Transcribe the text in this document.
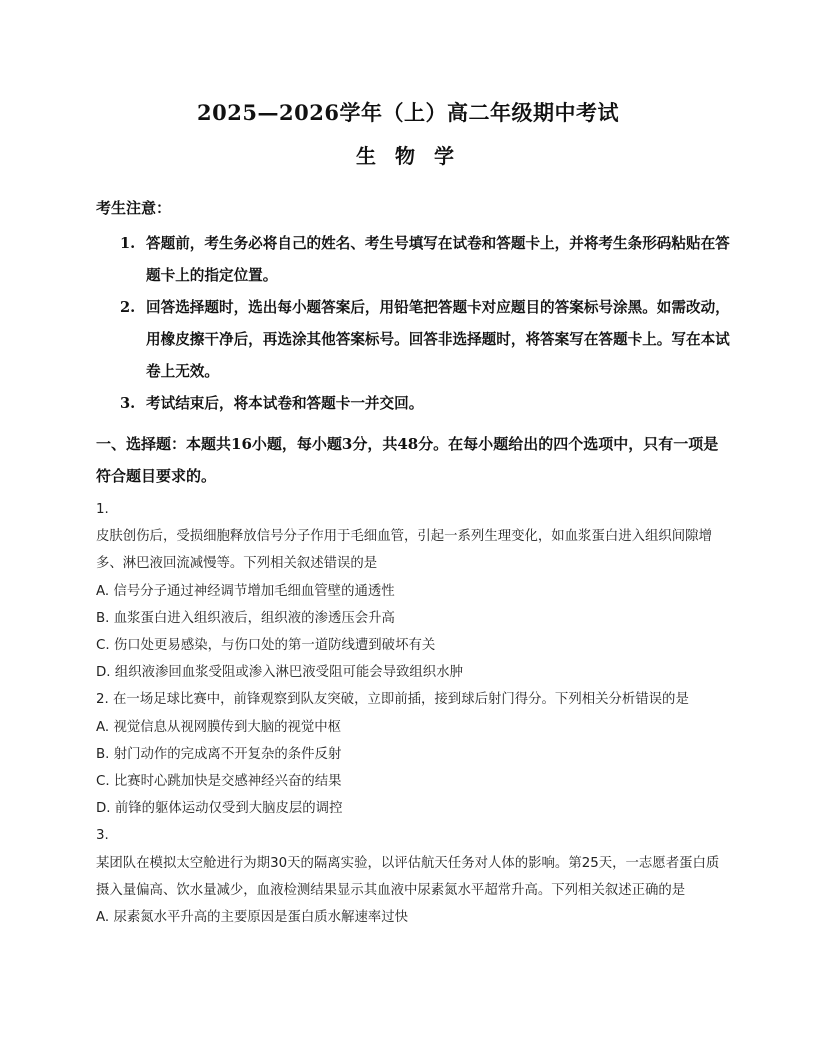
2025—2026学年（上）高二年级期中考试
生 物 学
考生注意：
1. 答题前，考生务必将自己的姓名、考生号填写在试卷和答题卡上，并将考生条形码粘贴在答题卡上的指定位置。
2. 回答选择题时，选出每小题答案后，用铅笔把答题卡对应题目的答案标号涂黑。如需改动，用橡皮擦干净后，再选涂其他答案标号。回答非选择题时，将答案写在答题卡上。写在本试卷上无效。
3. 考试结束后，将本试卷和答题卡一并交回。
一、选择题：本题共16小题，每小题3分，共48分。在每小题给出的四个选项中，只有一项是符合题目要求的。
1.
皮肤创伤后，受损细胞释放信号分子作用于毛细血管，引起一系列生理变化，如血浆蛋白进入组织间隙增多、淋巴液回流减慢等。下列相关叙述错误的是
A. 信号分子通过神经调节增加毛细血管壁的通透性
B. 血浆蛋白进入组织液后，组织液的渗透压会升高
C. 伤口处更易感染，与伤口处的第一道防线遭到破坏有关
D. 组织液渗回血浆受阻或渗入淋巴液受阻可能会导致组织水肿
2. 在一场足球比赛中，前锋观察到队友突破，立即前插，接到球后射门得分。下列相关分析错误的是
A. 视觉信息从视网膜传到大脑的视觉中枢
B. 射门动作的完成离不开复杂的条件反射
C. 比赛时心跳加快是交感神经兴奋的结果
D. 前锋的躯体运动仅受到大脑皮层的调控
3.
某团队在模拟太空舱进行为期30天的隔离实验，以评估航天任务对人体的影响。第25天，一志愿者蛋白质摄入量偏高、饮水量减少，血液检测结果显示其血液中尿素氮水平超常升高。下列相关叙述正确的是
A. 尿素氮水平升高的主要原因是蛋白质水解速率过快
